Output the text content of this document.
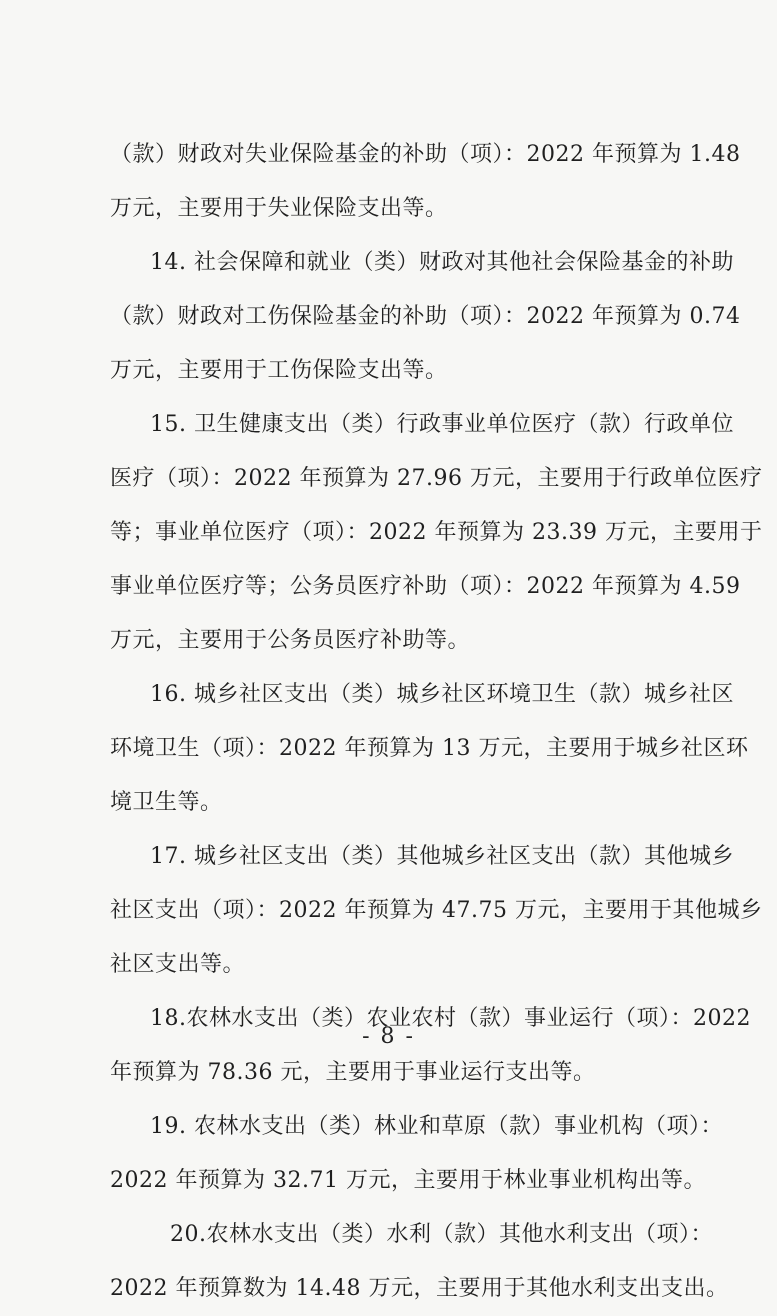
（款）财政对失业保险基金的补助（项）：2022 年预算为 1.48
万元，主要用于失业保险支出等。
14. 社会保障和就业（类）财政对其他社会保险基金的补助
（款）财政对工伤保险基金的补助（项）：2022 年预算为 0.74
万元，主要用于工伤保险支出等。
15. 卫生健康支出（类）行政事业单位医疗（款）行政单位
医疗（项）：2022 年预算为 27.96 万元，主要用于行政单位医疗
等；事业单位医疗（项）：2022 年预算为 23.39 万元，主要用于
事业单位医疗等；公务员医疗补助（项）：2022 年预算为 4.59
万元，主要用于公务员医疗补助等。
16. 城乡社区支出（类）城乡社区环境卫生（款）城乡社区
环境卫生（项）：2022 年预算为 13 万元，主要用于城乡社区环
境卫生等。
17. 城乡社区支出（类）其他城乡社区支出（款）其他城乡
社区支出（项）：2022 年预算为 47.75 万元，主要用于其他城乡
社区支出等。
18.农林水支出（类）农业农村（款）事业运行（项）：2022
年预算为 78.36 元，主要用于事业运行支出等。
19. 农林水支出（类）林业和草原（款）事业机构（项）：
2022 年预算为 32.71 万元，主要用于林业事业机构出等。
20.农林水支出（类）水利（款）其他水利支出（项）：
2022 年预算数为 14.48 万元，主要用于其他水利支出支出。
- 8 -
